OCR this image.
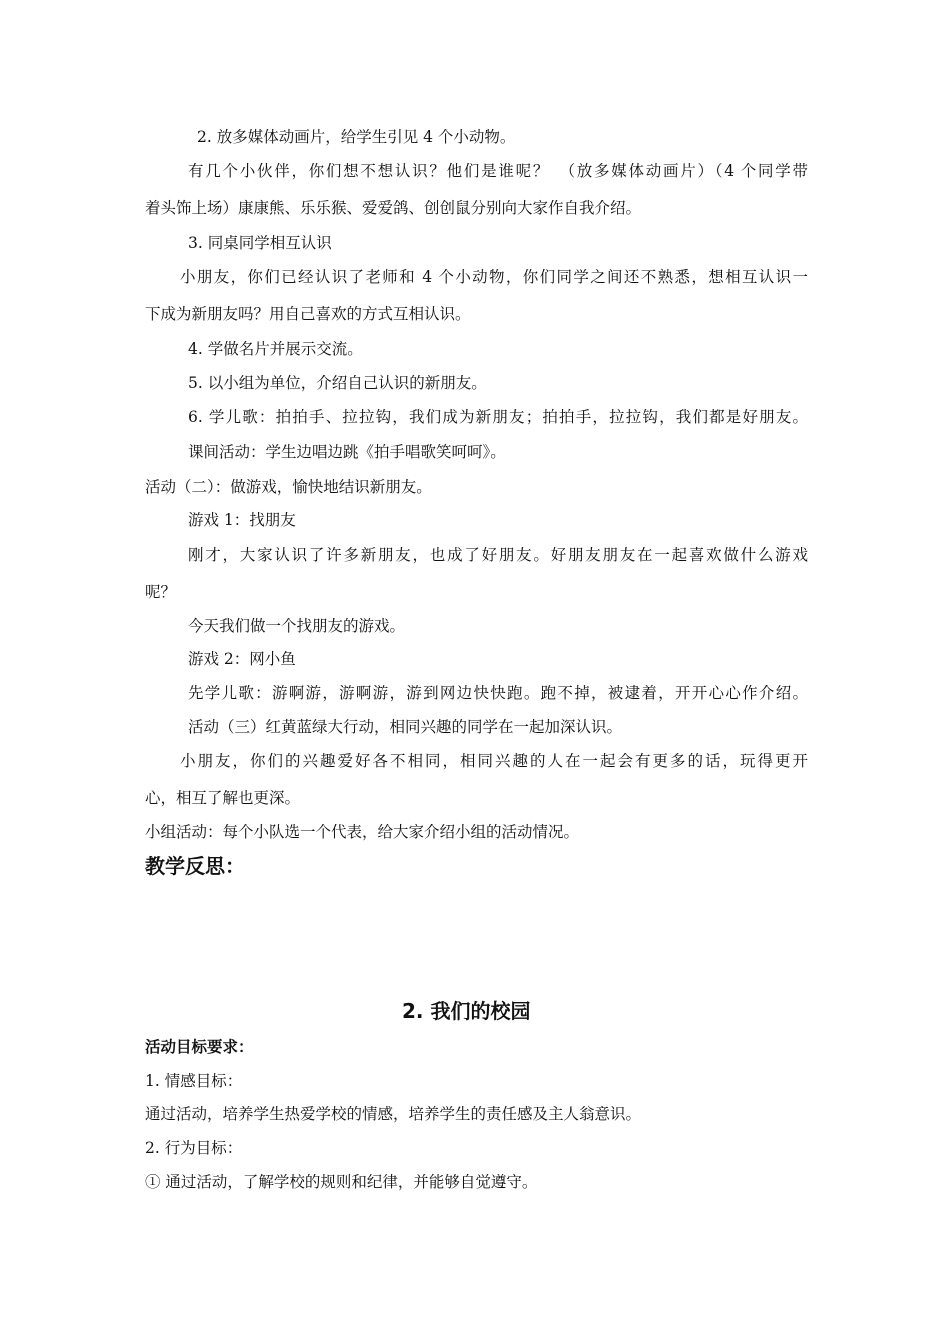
2. 放多媒体动画片，给学生引见 4 个小动物。
有几个小伙伴，你们想不想认识？他们是谁呢？　（放多媒体动画片）（4 个同学带
着头饰上场）康康熊、乐乐猴、爱爱鸽、创创鼠分别向大家作自我介绍。
3. 同桌同学相互认识
小朋友，你们已经认识了老师和 4 个小动物，你们同学之间还不熟悉，想相互认识一
下成为新朋友吗？用自己喜欢的方式互相认识。
4. 学做名片并展示交流。
5. 以小组为单位，介绍自己认识的新朋友。
6. 学儿歌：拍拍手、拉拉钩，我们成为新朋友；拍拍手，拉拉钩，我们都是好朋友。
课间活动：学生边唱边跳《拍手唱歌笑呵呵》。
活动（二）：做游戏，愉快地结识新朋友。
游戏 1：找朋友
刚才，大家认识了许多新朋友，也成了好朋友。好朋友朋友在一起喜欢做什么游戏
呢？
今天我们做一个找朋友的游戏。
游戏 2：网小鱼
先学儿歌：游啊游，游啊游，游到网边快快跑。跑不掉，被逮着，开开心心作介绍。
活动（三）红黄蓝绿大行动，相同兴趣的同学在一起加深认识。
小朋友，你们的兴趣爱好各不相同，相同兴趣的人在一起会有更多的话，玩得更开
心，相互了解也更深。
小组活动：每个小队选一个代表，给大家介绍小组的活动情况。
教学反思：
2. 我们的校园
活动目标要求：
1. 情感目标：
通过活动，培养学生热爱学校的情感，培养学生的责任感及主人翁意识。
2. 行为目标：
① 通过活动，了解学校的规则和纪律，并能够自觉遵守。
